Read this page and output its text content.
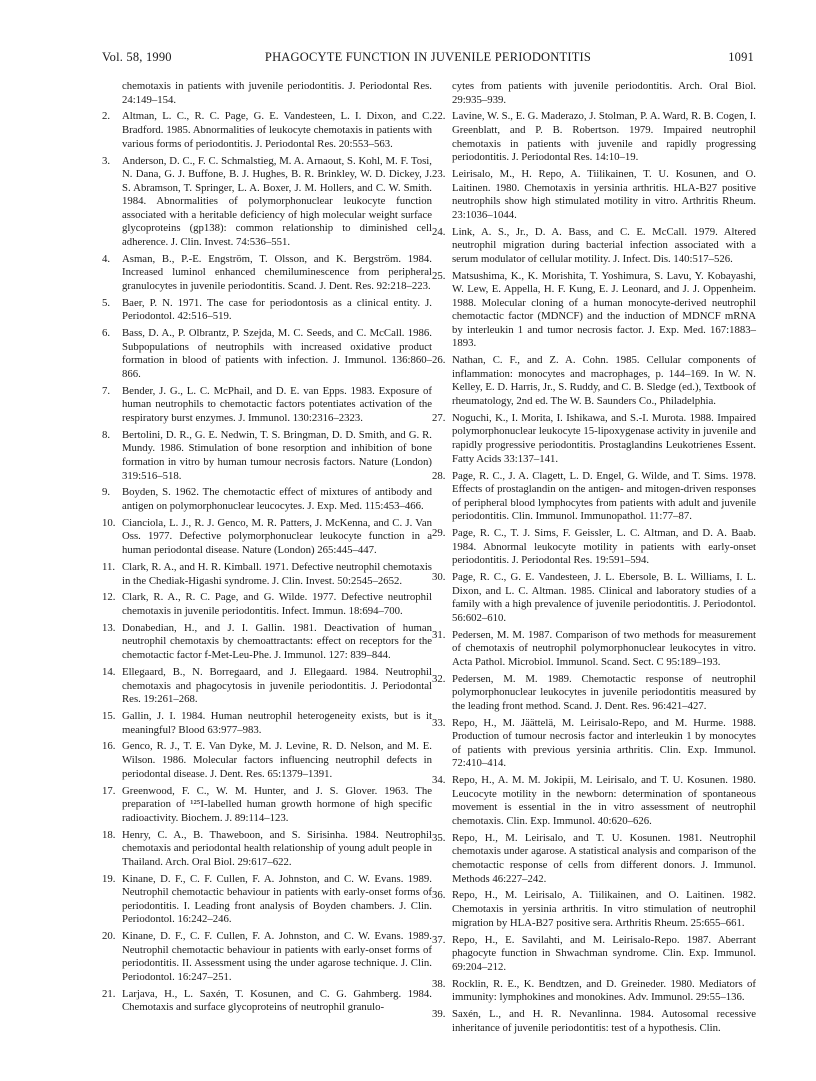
Vol. 58, 1990	PHAGOCYTE FUNCTION IN JUVENILE PERIODONTITIS	1091

chemotaxis in patients with juvenile periodontitis. J. Periodontal Res. 24:149–154.

2. Altman, L. C., R. C. Page, G. E. Vandesteen, L. I. Dixon, and C. Bradford. 1985. Abnormalities of leukocyte chemotaxis in patients with various forms of periodontitis. J. Periodontal Res. 20:553–563.

3. Anderson, D. C., F. C. Schmalstieg, M. A. Arnaout, S. Kohl, M. F. Tosi, N. Dana, G. J. Buffone, B. J. Hughes, B. R. Brinkley, W. D. Dickey, J. S. Abramson, T. Springer, L. A. Boxer, J. M. Hollers, and C. W. Smith. 1984. Abnormalities of polymorphonuclear leukocyte function associated with a heritable deficiency of high molecular weight surface glycoproteins (gp138): common relationship to diminished cell adherence. J. Clin. Invest. 74:536–551.

4. Asman, B., P.-E. Engström, T. Olsson, and K. Bergström. 1984. Increased luminol enhanced chemiluminescence from peripheral granulocytes in juvenile periodontitis. Scand. J. Dent. Res. 92:218–223.

5. Baer, P. N. 1971. The case for periodontosis as a clinical entity. J. Periodontol. 42:516–519.

6. Bass, D. A., P. Olbrantz, P. Szejda, M. C. Seeds, and C. McCall. 1986. Subpopulations of neutrophils with increased oxidative product formation in blood of patients with infection. J. Immunol. 136:860–866.

7. Bender, J. G., L. C. McPhail, and D. E. van Epps. 1983. Exposure of human neutrophils to chemotactic factors potentiates activation of the respiratory burst enzymes. J. Immunol. 130:2316–2323.

8. Bertolini, D. R., G. E. Nedwin, T. S. Bringman, D. D. Smith, and G. R. Mundy. 1986. Stimulation of bone resorption and inhibition of bone formation in vitro by human tumour necrosis factors. Nature (London) 319:516–518.

9. Boyden, S. 1962. The chemotactic effect of mixtures of antibody and antigen on polymorphonuclear leucocytes. J. Exp. Med. 115:453–466.

10. Cianciola, L. J., R. J. Genco, M. R. Patters, J. McKenna, and C. J. Van Oss. 1977. Defective polymorphonuclear leukocyte function in a human periodontal disease. Nature (London) 265:445–447.

11. Clark, R. A., and H. R. Kimball. 1971. Defective neutrophil chemotaxis in the Chediak-Higashi syndrome. J. Clin. Invest. 50:2545–2652.

12. Clark, R. A., R. C. Page, and G. Wilde. 1977. Defective neutrophil chemotaxis in juvenile periodontitis. Infect. Immun. 18:694–700.

13. Donabedian, H., and J. I. Gallin. 1981. Deactivation of human neutrophil chemotaxis by chemoattractants: effect on receptors for the chemotactic factor f-Met-Leu-Phe. J. Immunol. 127: 839–844.

14. Ellegaard, B., N. Borregaard, and J. Ellegaard. 1984. Neutrophil chemotaxis and phagocytosis in juvenile periodontitis. J. Periodontal Res. 19:261–268.

15. Gallin, J. I. 1984. Human neutrophil heterogeneity exists, but is it meaningful? Blood 63:977–983.

16. Genco, R. J., T. E. Van Dyke, M. J. Levine, R. D. Nelson, and M. E. Wilson. 1986. Molecular factors influencing neutrophil defects in periodontal disease. J. Dent. Res. 65:1379–1391.

17. Greenwood, F. C., W. M. Hunter, and J. S. Glover. 1963. The preparation of ¹²⁵I-labelled human growth hormone of high specific radioactivity. Biochem. J. 89:114–123.

18. Henry, C. A., B. Thaweboon, and S. Sirisinha. 1984. Neutrophil chemotaxis and periodontal health relationship of young adult people in Thailand. Arch. Oral Biol. 29:617–622.

19. Kinane, D. F., C. F. Cullen, F. A. Johnston, and C. W. Evans. 1989. Neutrophil chemotactic behaviour in patients with early-onset forms of periodontitis. I. Leading front analysis of Boyden chambers. J. Clin. Periodontol. 16:242–246.

20. Kinane, D. F., C. F. Cullen, F. A. Johnston, and C. W. Evans. 1989. Neutrophil chemotactic behaviour in patients with early-onset forms of periodontitis. II. Assessment using the under agarose technique. J. Clin. Periodontol. 16:247–251.

21. Larjava, H., L. Saxén, T. Kosunen, and C. G. Gahmberg. 1984. Chemotaxis and surface glycoproteins of neutrophil granulo-

cytes from patients with juvenile periodontitis. Arch. Oral Biol. 29:935–939.

22. Lavine, W. S., E. G. Maderazo, J. Stolman, P. A. Ward, R. B. Cogen, I. Greenblatt, and P. B. Robertson. 1979. Impaired neutrophil chemotaxis in patients with juvenile and rapidly progressing periodontitis. J. Periodontal Res. 14:10–19.

23. Leirisalo, M., H. Repo, A. Tiilikainen, T. U. Kosunen, and O. Laitinen. 1980. Chemotaxis in yersinia arthritis. HLA-B27 positive neutrophils show high stimulated motility in vitro. Arthritis Rheum. 23:1036–1044.

24. Link, A. S., Jr., D. A. Bass, and C. E. McCall. 1979. Altered neutrophil migration during bacterial infection associated with a serum modulator of cellular motility. J. Infect. Dis. 140:517–526.

25. Matsushima, K., K. Morishita, T. Yoshimura, S. Lavu, Y. Kobayashi, W. Lew, E. Appella, H. F. Kung, E. J. Leonard, and J. J. Oppenheim. 1988. Molecular cloning of a human monocyte-derived neutrophil chemotactic factor (MDNCF) and the induction of MDNCF mRNA by interleukin 1 and tumor necrosis factor. J. Exp. Med. 167:1883–1893.

26. Nathan, C. F., and Z. A. Cohn. 1985. Cellular components of inflammation: monocytes and macrophages, p. 144–169. In W. N. Kelley, E. D. Harris, Jr., S. Ruddy, and C. B. Sledge (ed.), Textbook of rheumatology, 2nd ed. The W. B. Saunders Co., Philadelphia.

27. Noguchi, K., I. Morita, I. Ishikawa, and S.-I. Murota. 1988. Impaired polymorphonuclear leukocyte 15-lipoxygenase activity in juvenile and rapidly progressive periodontitis. Prostaglandins Leukotrienes Essent. Fatty Acids 33:137–141.

28. Page, R. C., J. A. Clagett, L. D. Engel, G. Wilde, and T. Sims. 1978. Effects of prostaglandin on the antigen- and mitogen-driven responses of peripheral blood lymphocytes from patients with adult and juvenile periodontitis. Clin. Immunol. Immunopathol. 11:77–87.

29. Page, R. C., T. J. Sims, F. Geissler, L. C. Altman, and D. A. Baab. 1984. Abnormal leukocyte motility in patients with early-onset periodontitis. J. Periodontal Res. 19:591–594.

30. Page, R. C., G. E. Vandesteen, J. L. Ebersole, B. L. Williams, I. L. Dixon, and L. C. Altman. 1985. Clinical and laboratory studies of a family with a high prevalence of juvenile periodontitis. J. Periodontol. 56:602–610.

31. Pedersen, M. M. 1987. Comparison of two methods for measurement of chemotaxis of neutrophil polymorphonuclear leukocytes in vitro. Acta Pathol. Microbiol. Immunol. Scand. Sect. C 95:189–193.

32. Pedersen, M. M. 1989. Chemotactic response of neutrophil polymorphonuclear leukocytes in juvenile periodontitis measured by the leading front method. Scand. J. Dent. Res. 96:421–427.

33. Repo, H., M. Jäättelä, M. Leirisalo-Repo, and M. Hurme. 1988. Production of tumour necrosis factor and interleukin 1 by monocytes of patients with previous yersinia arthritis. Clin. Exp. Immunol. 72:410–414.

34. Repo, H., A. M. M. Jokipii, M. Leirisalo, and T. U. Kosunen. 1980. Leucocyte motility in the newborn: determination of spontaneous movement is essential in the in vitro assessment of neutrophil chemotaxis. Clin. Exp. Immunol. 40:620–626.

35. Repo, H., M. Leirisalo, and T. U. Kosunen. 1981. Neutrophil chemotaxis under agarose. A statistical analysis and comparison of the chemotactic response of cells from different donors. J. Immunol. Methods 46:227–242.

36. Repo, H., M. Leirisalo, A. Tiilikainen, and O. Laitinen. 1982. Chemotaxis in yersinia arthritis. In vitro stimulation of neutrophil migration by HLA-B27 positive sera. Arthritis Rheum. 25:655–661.

37. Repo, H., E. Savilahti, and M. Leirisalo-Repo. 1987. Aberrant phagocyte function in Shwachman syndrome. Clin. Exp. Immunol. 69:204–212.

38. Rocklin, R. E., K. Bendtzen, and D. Greineder. 1980. Mediators of immunity: lymphokines and monokines. Adv. Immunol. 29:55–136.

39. Saxén, L., and H. R. Nevanlinna. 1984. Autosomal recessive inheritance of juvenile periodontitis: test of a hypothesis. Clin.
